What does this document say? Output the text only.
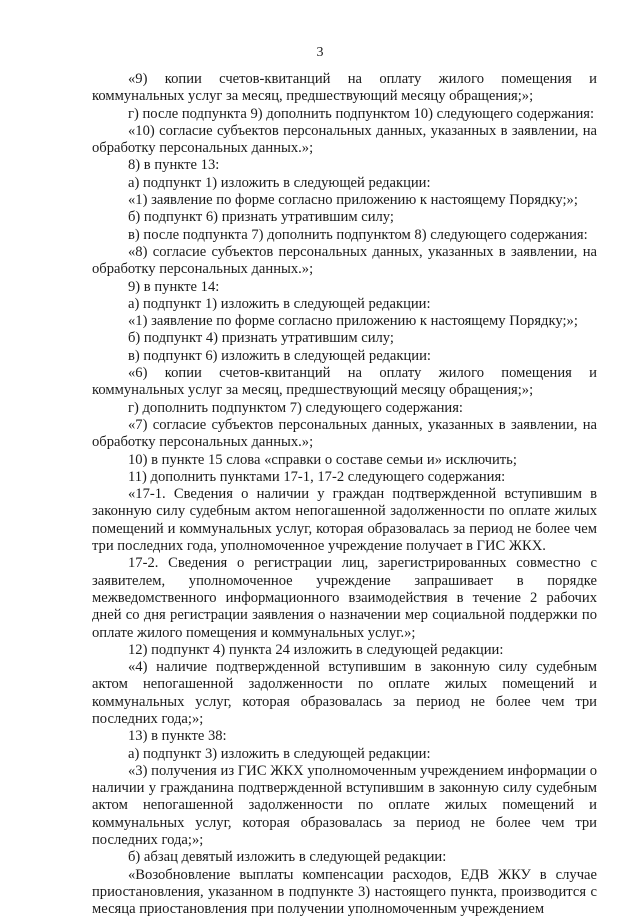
3

«9) копии счетов-квитанций на оплату жилого помещения и коммунальных услуг за месяц, предшествующий месяцу обращения;»;

г) после подпункта 9) дополнить подпунктом 10) следующего содержания:

«10) согласие субъектов персональных данных, указанных в заявлении, на обработку персональных данных.»;

8) в пункте 13:

а) подпункт 1) изложить в следующей редакции:

«1) заявление по форме согласно приложению к настоящему Порядку;»;

б) подпункт 6) признать утратившим силу;

в) после подпункта 7) дополнить подпунктом 8) следующего содержания:

«8) согласие субъектов персональных данных, указанных в заявлении, на обработку персональных данных.»;

9) в пункте 14:

а) подпункт 1) изложить в следующей редакции:

«1) заявление по форме согласно приложению к настоящему Порядку;»;

б) подпункт 4) признать утратившим силу;

в) подпункт 6) изложить в следующей редакции:

«6) копии счетов-квитанций на оплату жилого помещения и коммунальных услуг за месяц, предшествующий месяцу обращения;»;

г) дополнить подпунктом 7) следующего содержания:

«7) согласие субъектов персональных данных, указанных в заявлении, на обработку персональных данных.»;

10) в пункте 15 слова «справки о составе семьи и» исключить;

11) дополнить пунктами 17-1, 17-2 следующего содержания:

«17-1. Сведения о наличии у граждан подтвержденной вступившим в законную силу судебным актом непогашенной задолженности по оплате жилых помещений и коммунальных услуг, которая образовалась за период не более чем три последних года, уполномоченное учреждение получает в ГИС ЖКХ.

17-2. Сведения о регистрации лиц, зарегистрированных совместно с заявителем, уполномоченное учреждение запрашивает в порядке межведомственного информационного взаимодействия в течение 2 рабочих дней со дня регистрации заявления о назначении мер социальной поддержки по оплате жилого помещения и коммунальных услуг.»;

12) подпункт 4) пункта 24 изложить в следующей редакции:

«4) наличие подтвержденной вступившим в законную силу судебным актом непогашенной задолженности по оплате жилых помещений и коммунальных услуг, которая образовалась за период не более чем три последних года;»;

13) в пункте 38:

а) подпункт 3) изложить в следующей редакции:

«3) получения из ГИС ЖКХ уполномоченным учреждением информации о наличии у гражданина подтвержденной вступившим в законную силу судебным актом непогашенной задолженности по оплате жилых помещений и коммунальных услуг, которая образовалась за период не более чем три последних года;»;

б) абзац девятый изложить в следующей редакции:

«Возобновление выплаты компенсации расходов, ЕДВ ЖКУ в случае приостановления, указанном в подпункте 3) настоящего пункта, производится с месяца приостановления при получении уполномоченным учреждением
